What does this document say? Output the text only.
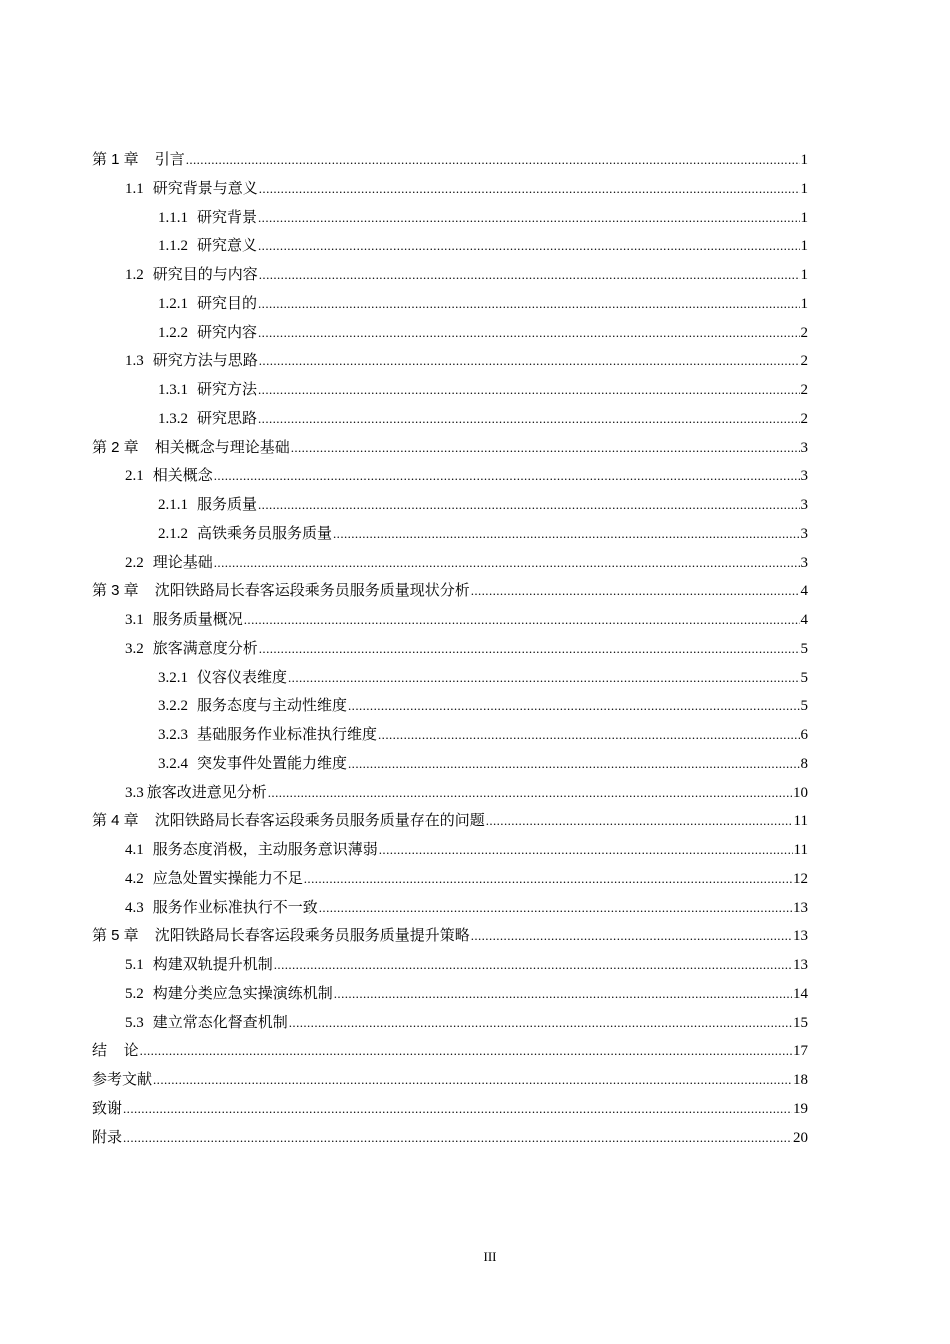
第 1 章 引言 .....	1
1.1 研究背景与意义 .....	1
1.1.1 研究背景 .....	1
1.1.2 研究意义 .....	1
1.2 研究目的与内容 .....	1
1.2.1 研究目的 .....	1
1.2.2 研究内容 .....	2
1.3 研究方法与思路 .....	2
1.3.1 研究方法 .....	2
1.3.2 研究思路 .....	2
第 2 章 相关概念与理论基础 .....	3
2.1 相关概念 .....	3
2.1.1 服务质量 .....	3
2.1.2 高铁乘务员服务质量 .....	3
2.2 理论基础 .....	3
第 3 章 沈阳铁路局长春客运段乘务员服务质量现状分析 .....	4
3.1 服务质量概况 .....	4
3.2 旅客满意度分析 .....	5
3.2.1 仪容仪表维度 .....	5
3.2.2 服务态度与主动性维度 .....	5
3.2.3 基础服务作业标准执行维度 .....	6
3.2.4 突发事件处置能力维度 .....	8
3.3 旅客改进意见分析 .....	10
第 4 章 沈阳铁路局长春客运段乘务员服务质量存在的问题 .....	11
4.1 服务态度消极，主动服务意识薄弱 .....	11
4.2 应急处置实操能力不足 .....	12
4.3 服务作业标准执行不一致 .....	13
第 5 章 沈阳铁路局长春客运段乘务员服务质量提升策略 .....	13
5.1 构建双轨提升机制 .....	13
5.2 构建分类应急实操演练机制 .....	14
5.3 建立常态化督查机制 .....	15
结    论 .....	17
参考文献 .....	18
致谢 .....	19
附录 .....	20
III
